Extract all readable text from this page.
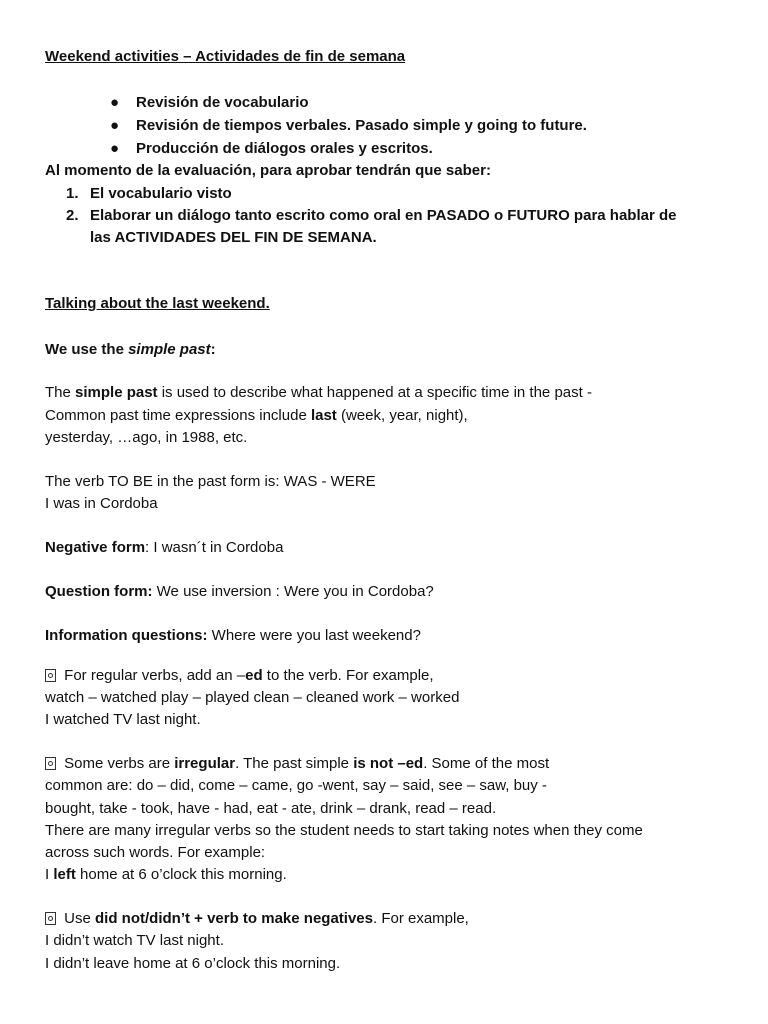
Weekend activities – Actividades de fin de semana
● Revisión de vocabulario
● Revisión de tiempos verbales. Pasado simple y going to future.
● Producción de diálogos orales y escritos.
Al momento de la evaluación, para aprobar tendrán que saber:
1. El vocabulario visto
2. Elaborar un diálogo tanto escrito como oral en PASADO o FUTURO para hablar de
las ACTIVIDADES DEL FIN DE SEMANA.
Talking about the last weekend.
We use the simple past:
The simple past is used to describe what happened at a specific time in the past -
Common past time expressions include last (week, year, night),
yesterday, …ago, in 1988, etc.
The verb TO BE in the past form is: WAS - WERE
I was in Cordoba
Negative form: I wasn´t in Cordoba
Question form: We use inversion : Were you in Cordoba?
Information questions: Where were you last weekend?
For regular verbs, add an –ed to the verb. For example,
watch – watched play – played clean – cleaned work – worked
I watched TV last night.
Some verbs are irregular. The past simple is not –ed. Some of the most
common are: do – did, come – came, go -went, say – said, see – saw, buy -
bought, take - took, have - had, eat - ate, drink – drank, read – read.
There are many irregular verbs so the student needs to start taking notes when they come
across such words. For example:
I left home at 6 o’clock this morning.
Use did not/didn’t + verb to make negatives. For example,
I didn’t watch TV last night.
I didn’t leave home at 6 o’clock this morning.
